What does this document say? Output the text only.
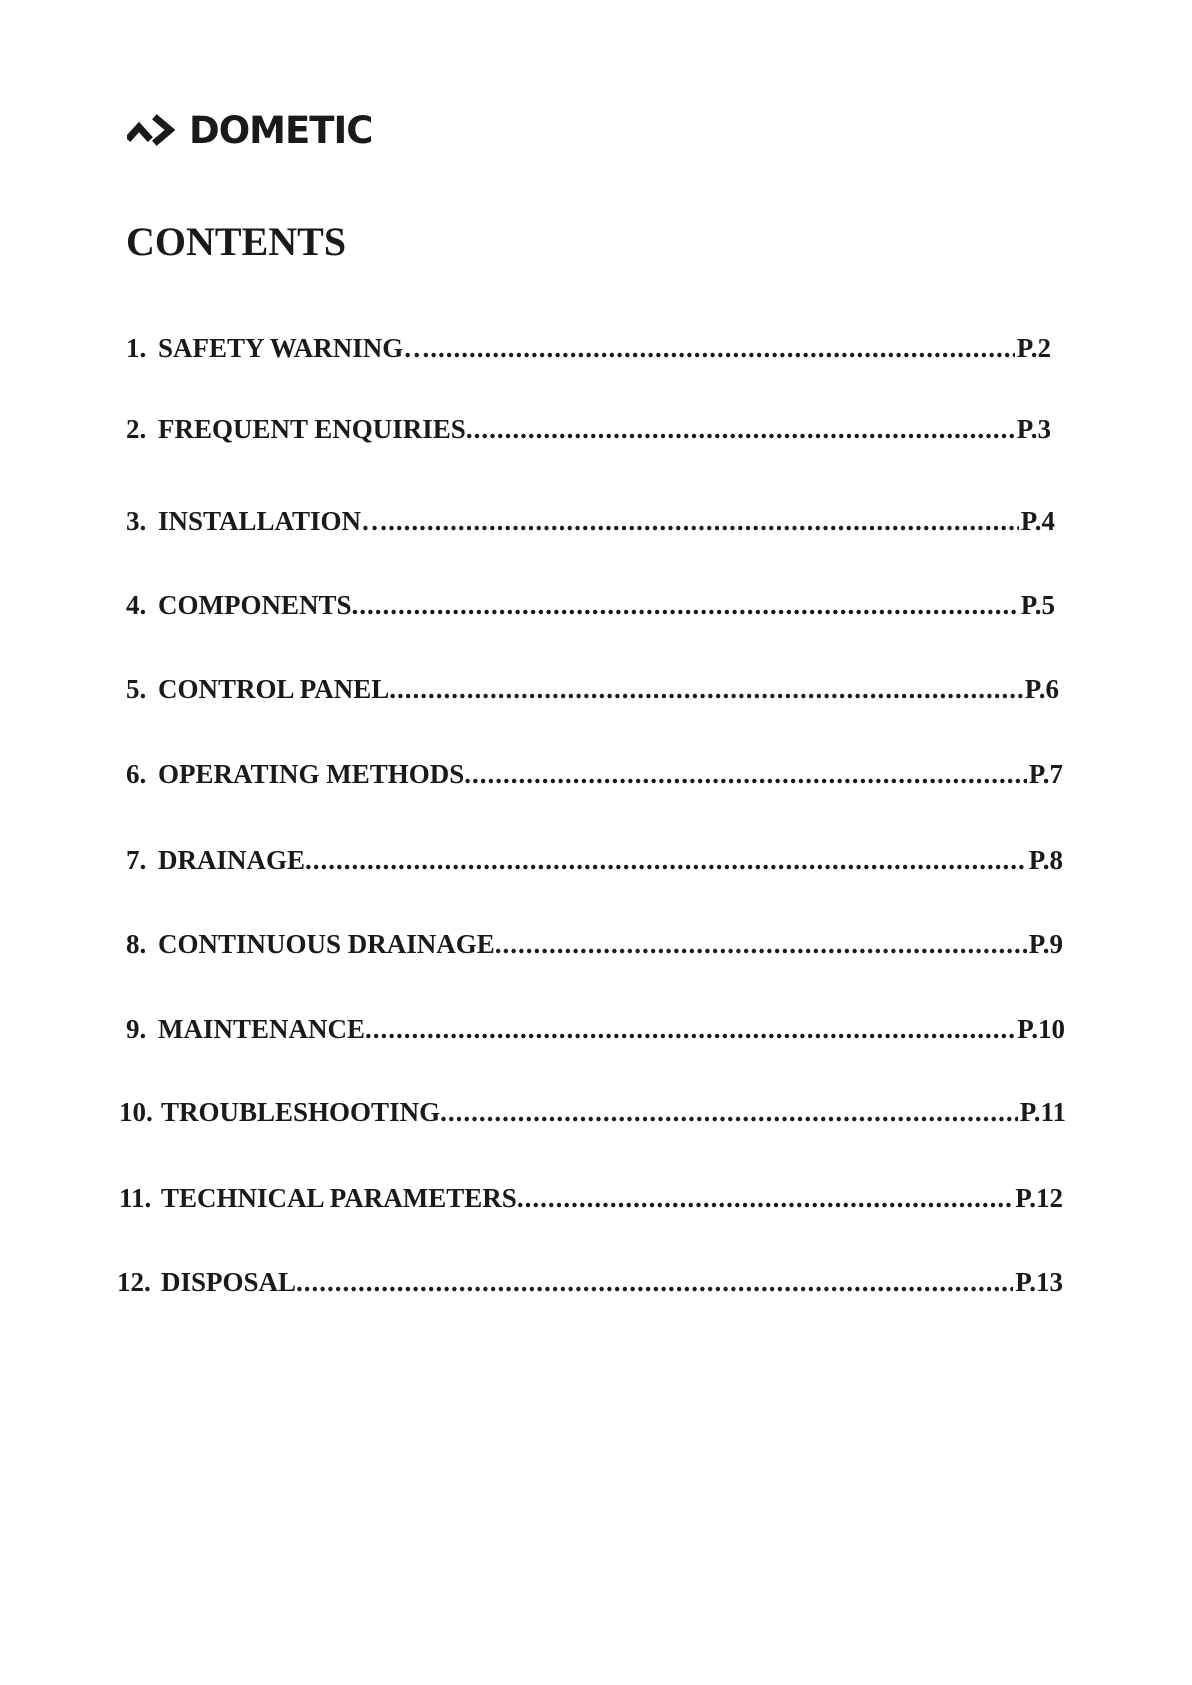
DOMETIC
CONTENTS
1. SAFETY WARNING… .....	P.2
2. FREQUENT ENQUIRIES .....	P.3
3. INSTALLATION… .....	P.4
4. COMPONENTS .....	P.5
5. CONTROL PANEL .....	P.6
6. OPERATING METHODS .....	P.7
7. DRAINAGE .....	P.8
8. CONTINUOUS DRAINAGE .....	P.9
9. MAINTENANCE .....	P.10
10. TROUBLESHOOTING .....	P.11
11. TECHNICAL PARAMETERS .....	P.12
12. DISPOSAL .....	P.13
